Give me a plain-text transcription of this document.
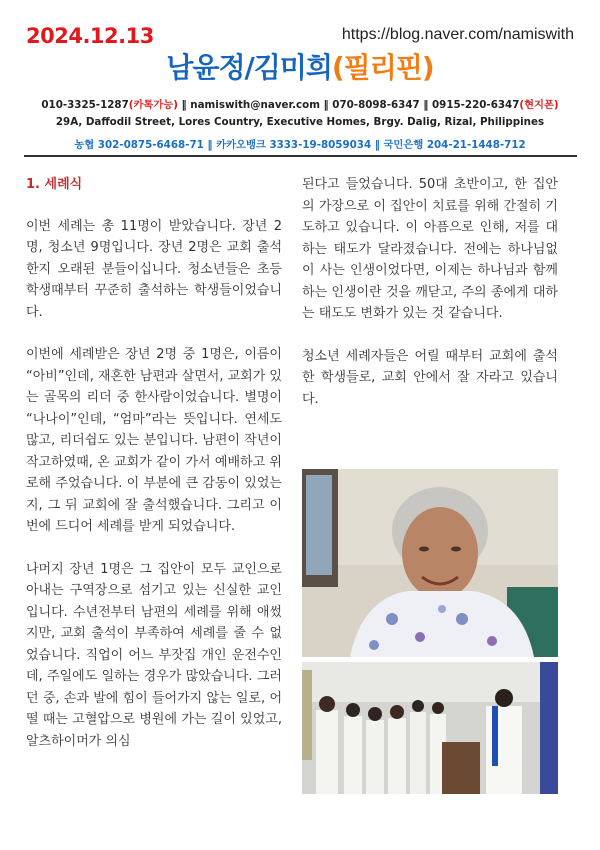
2024.12.13	https://blog.naver.com/namiswith
남윤정/김미희(필리핀)
010-3325-1287(카톡가능) ‖ namiswith@naver.com ‖ 070-8098-6347 ‖ 0915-220-6347(현지폰)
29A, Daffodil Street, Lores Country, Executive Homes, Brgy. Dalig, Rizal, Philippines
농협 302-0875-6468-71 ‖ 카카오뱅크 3333-19-8059034 ‖ 국민은행 204-21-1448-712
1. 세례식

이번 세례는 총 11명이 받았습니다. 장년 2명, 청소년 9명입니다. 장년 2명은 교회 출석한지 오래된 분들이십니다. 청소년들은 초등학생때부터 꾸준히 출석하는 학생들이었습니다.

이번에 세례받은 장년 2명 중 1명은, 이름이 “아비”인데, 재혼한 남편과 살면서, 교회가 있는 골목의 리더 중 한사람이었습니다. 별명이 “나나이”인데, “엄마”라는 뜻입니다. 연세도 많고, 리더쉽도 있는 분입니다. 남편이 작년이 작고하였때, 온 교회가 같이 가서 예배하고 위로해 주었습니다. 이 부분에 큰 감동이 있었는지, 그 뒤 교회에 잘 출석했습니다. 그리고 이번에 드디어 세례를 받게 되었습니다.

나머지 장년 1명은 그 집안이 모두 교인으로 아내는 구역장으로 섬기고 있는 신실한 교인입니다. 수년전부터 남편의 세례를 위해 애썼지만, 교회 출석이 부족하여 세례를 줄 수 없었습니다. 직업이 어느 부잣집 개인 운전수인데, 주일에도 일하는 경우가 많았습니다. 그러던 중, 손과 발에 힘이 들어가지 않는 일로, 어떨 때는 고혈압으로 병원에 가는 길이 있었고, 알츠하이머가 의심

된다고 들었습니다. 50대 초반이고, 한 집안의 가장으로 이 집안이 치료를 위해 간절히 기도하고 있습니다. 이 아픔으로 인해, 저를 대하는 태도가 달라졌습니다. 전에는 하나님없이 사는 인생이었다면, 이제는 하나님과 함께 하는 인생이란 것을 깨닫고, 주의 종에게 대하는 태도도 변화가 있는 것 같습니다.

청소년 세례자들은 어릴 때부터 교회에 출석한 학생들로, 교회 안에서 잘 자라고 있습니다.
